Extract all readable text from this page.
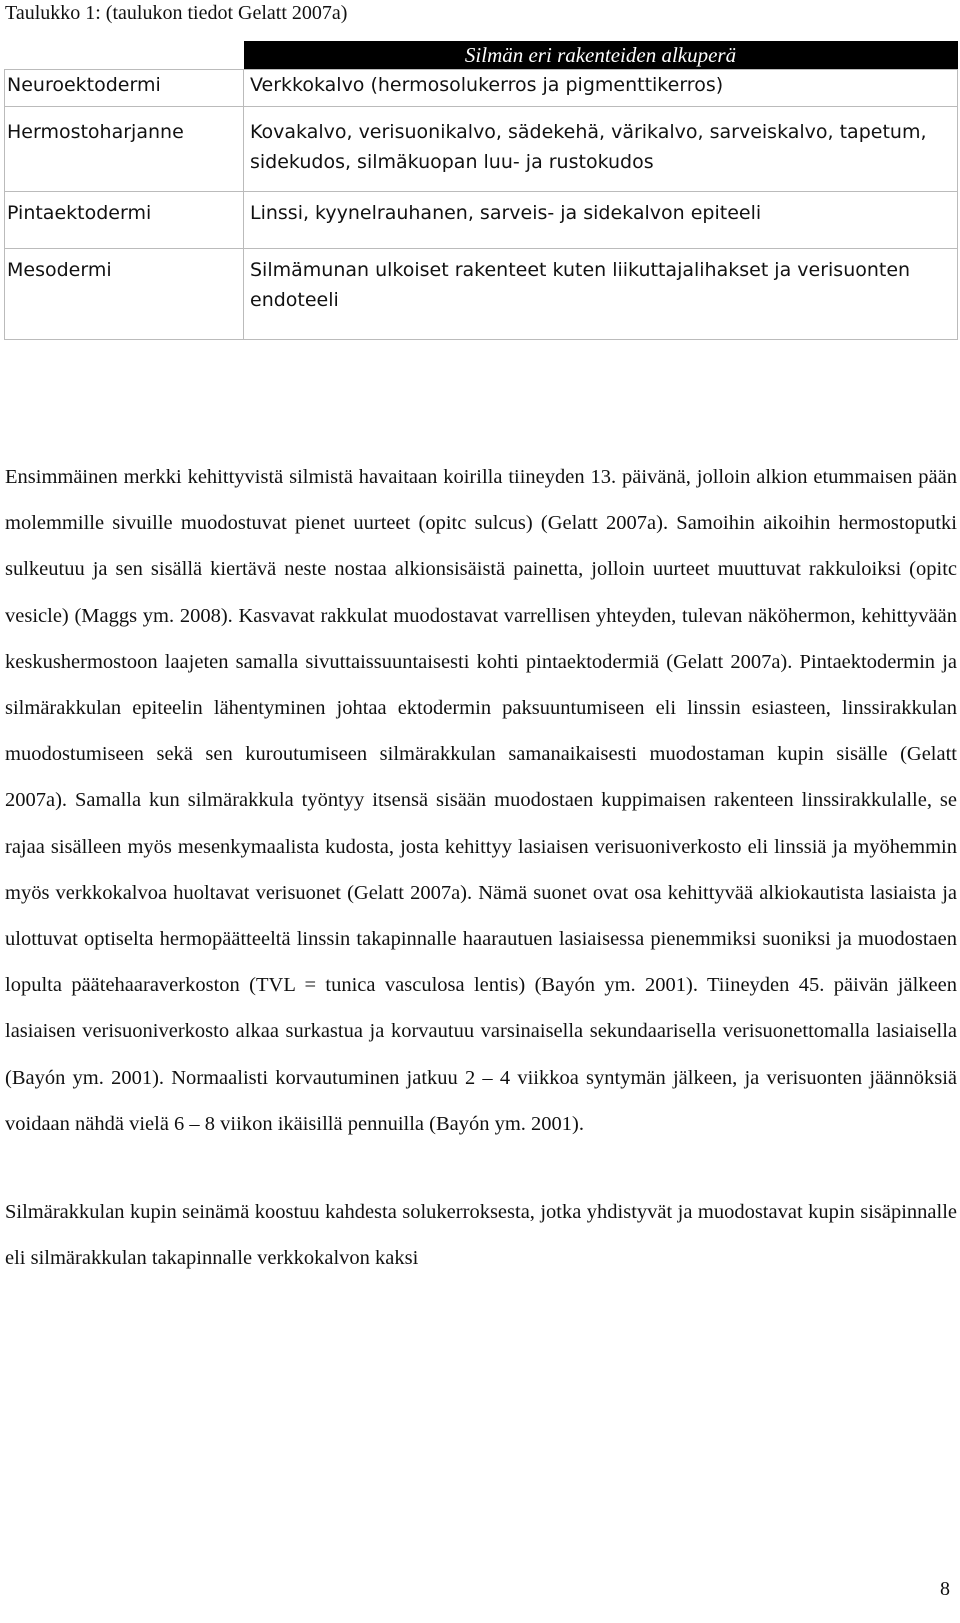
Taulukko 1: (taulukon tiedot Gelatt 2007a)
	Silmän eri rakenteiden alkuperä
Neuroektodermi	Verkkokalvo (hermosolukerros ja pigmenttikerros)
Hermostoharjanne	Kovakalvo, verisuonikalvo, sädekehä, värikalvo, sarveiskalvo, tapetum, sidekudos, silmäkuopan luu- ja rustokudos
Pintaektodermi	Linssi, kyynelrauhanen, sarveis- ja sidekalvon epiteeli
Mesodermi	Silmämunan ulkoiset rakenteet kuten liikuttajalihakset ja verisuonten endoteeli

Ensimmäinen merkki kehittyvistä silmistä havaitaan koirilla tiineyden 13. päivänä, jolloin alkion etummaisen pään molemmille sivuille muodostuvat pienet uurteet (opitc sulcus) (Gelatt 2007a). Samoihin aikoihin hermostoputki sulkeutuu ja sen sisällä kiertävä neste nostaa alkionsisäistä painetta, jolloin uurteet muuttuvat rakkuloiksi (opitc vesicle) (Maggs ym. 2008). Kasvavat rakkulat muodostavat varrellisen yhteyden, tulevan näköhermon, kehittyvään keskushermostoon laajeten samalla sivuttaissuuntaisesti kohti pintaektodermiä (Gelatt 2007a). Pintaektodermin ja silmärakkulan epiteelin lähentyminen johtaa ektodermin paksuuntumiseen eli linssin esiasteen, linssirakkulan muodostumiseen sekä sen kuroutumiseen silmärakkulan samanaikaisesti muodostaman kupin sisälle (Gelatt 2007a). Samalla kun silmärakkula työntyy itsensä sisään muodostaen kuppimaisen rakenteen linssirakkulalle, se rajaa sisälleen myös mesenkymaalista kudosta, josta kehittyy lasiaisen verisuoniverkosto eli linssiä ja myöhemmin myös verkkokalvoa huoltavat verisuonet (Gelatt 2007a). Nämä suonet ovat osa kehittyvää alkiokautista lasiaista ja ulottuvat optiselta hermopäätteeltä linssin takapinnalle haarautuen lasiaisessa pienemmiksi suoniksi ja muodostaen lopulta päätehaaraverkoston (TVL = tunica vasculosa lentis) (Bayón ym. 2001). Tiineyden 45. päivän jälkeen lasiaisen verisuoniverkosto alkaa surkastua ja korvautuu varsinaisella sekundaarisella verisuonettomalla lasiaisella (Bayón ym. 2001). Normaalisti korvautuminen jatkuu 2 – 4 viikkoa syntymän jälkeen, ja verisuonten jäännöksiä voidaan nähdä vielä 6 – 8 viikon ikäisillä pennuilla (Bayón ym. 2001).

Silmärakkulan kupin seinämä koostuu kahdesta solukerroksesta, jotka yhdistyvät ja muodostavat kupin sisäpinnalle eli silmärakkulan takapinnalle verkkokalvon kaksi

8
